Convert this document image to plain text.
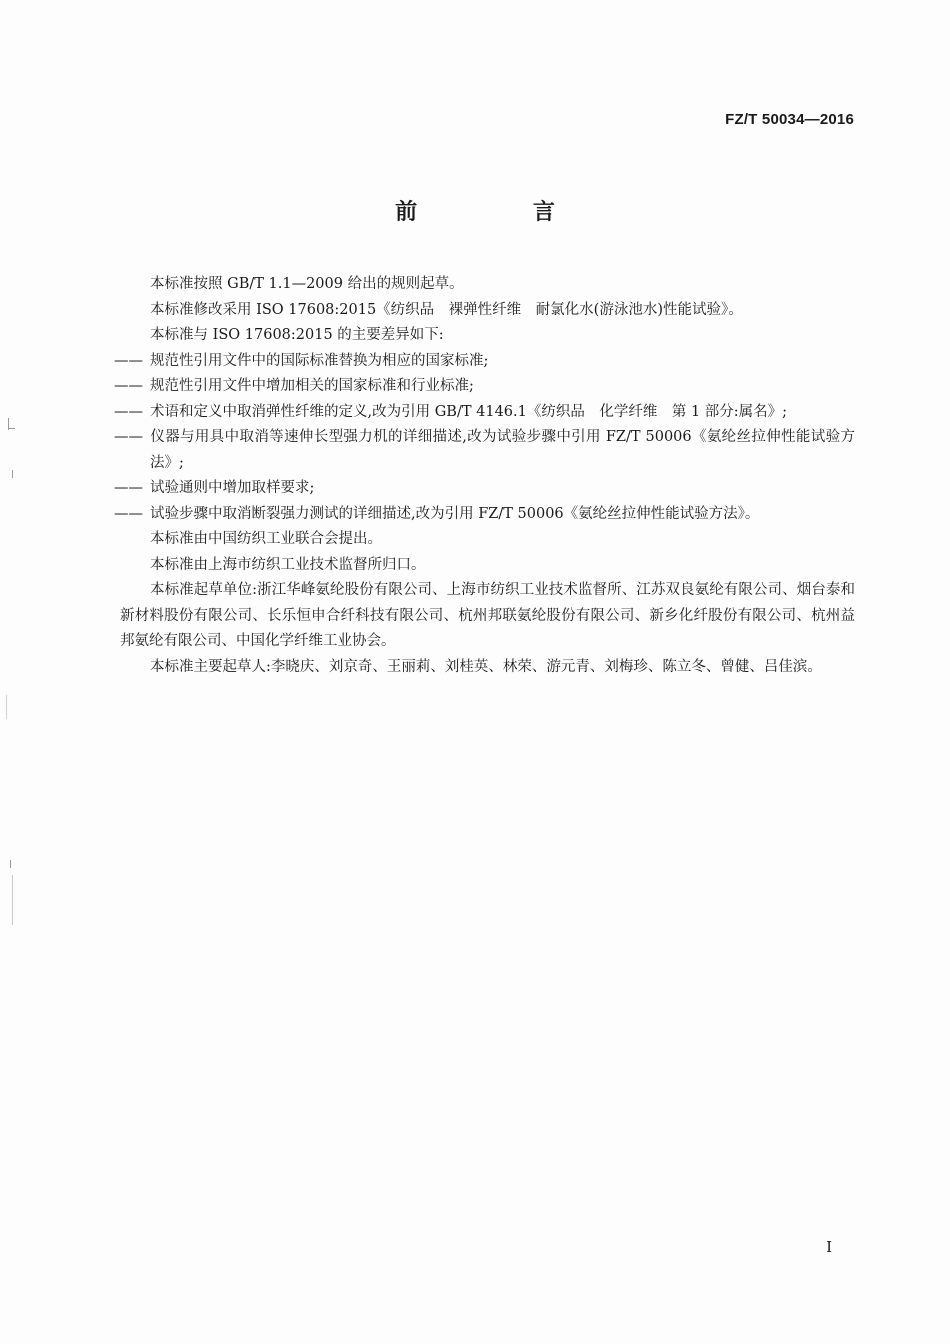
FZ/T 50034—2016
前 言

本标准按照 GB/T 1.1—2009 给出的规则起草。

本标准修改采用 ISO 17608:2015《纺织品　裸弹性纤维　耐氯化水(游泳池水)性能试验》。

本标准与 ISO 17608:2015 的主要差异如下:

—— 规范性引用文件中的国际标准替换为相应的国家标准;

—— 规范性引用文件中增加相关的国家标准和行业标准;

—— 术语和定义中取消弹性纤维的定义,改为引用 GB/T 4146.1《纺织品　化学纤维　第 1 部分:属名》;

—— 仪器与用具中取消等速伸长型强力机的详细描述,改为试验步骤中引用 FZ/T 50006《氨纶丝拉伸性能试验方法》;

—— 试验通则中增加取样要求;

—— 试验步骤中取消断裂强力测试的详细描述,改为引用 FZ/T 50006《氨纶丝拉伸性能试验方法》。

本标准由中国纺织工业联合会提出。

本标准由上海市纺织工业技术监督所归口。

本标准起草单位:浙江华峰氨纶股份有限公司、上海市纺织工业技术监督所、江苏双良氨纶有限公司、烟台泰和新材料股份有限公司、长乐恒申合纤科技有限公司、杭州邦联氨纶股份有限公司、新乡化纤股份有限公司、杭州益邦氨纶有限公司、中国化学纤维工业协会。

本标准主要起草人:李晓庆、刘京奇、王丽莉、刘桂英、林荣、游元青、刘梅珍、陈立冬、曾健、吕佳滨。

I
